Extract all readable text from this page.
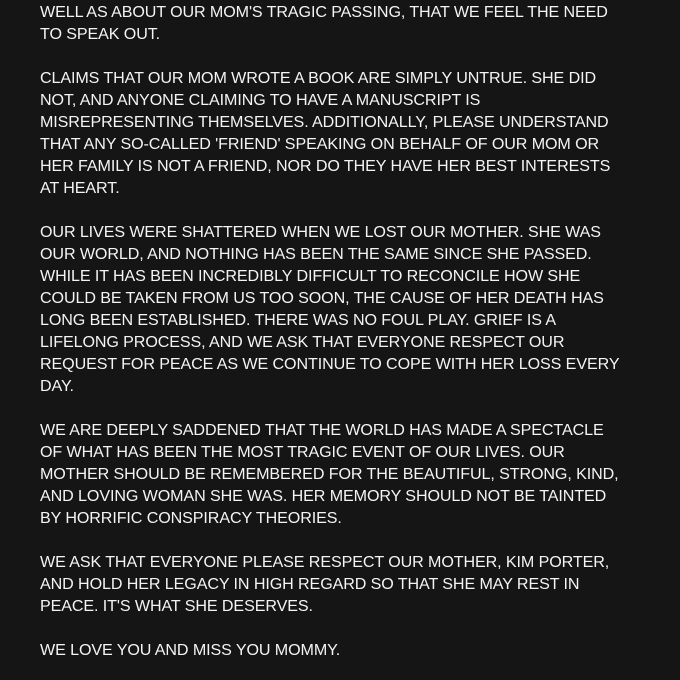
WELL AS ABOUT OUR MOM'S TRAGIC PASSING, THAT WE FEEL THE NEED
TO SPEAK OUT.
CLAIMS THAT OUR MOM WROTE A BOOK ARE SIMPLY UNTRUE. SHE DID
NOT, AND ANYONE CLAIMING TO HAVE A MANUSCRIPT IS
MISREPRESENTING THEMSELVES. ADDITIONALLY, PLEASE UNDERSTAND
THAT ANY SO-CALLED 'FRIEND' SPEAKING ON BEHALF OF OUR MOM OR
HER FAMILY IS NOT A FRIEND, NOR DO THEY HAVE HER BEST INTERESTS
AT HEART.
OUR LIVES WERE SHATTERED WHEN WE LOST OUR MOTHER. SHE WAS
OUR WORLD, AND NOTHING HAS BEEN THE SAME SINCE SHE PASSED.
WHILE IT HAS BEEN INCREDIBLY DIFFICULT TO RECONCILE HOW SHE
COULD BE TAKEN FROM US TOO SOON, THE CAUSE OF HER DEATH HAS
LONG BEEN ESTABLISHED. THERE WAS NO FOUL PLAY. GRIEF IS A
LIFELONG PROCESS, AND WE ASK THAT EVERYONE RESPECT OUR
REQUEST FOR PEACE AS WE CONTINUE TO COPE WITH HER LOSS EVERY
DAY.
WE ARE DEEPLY SADDENED THAT THE WORLD HAS MADE A SPECTACLE
OF WHAT HAS BEEN THE MOST TRAGIC EVENT OF OUR LIVES. OUR
MOTHER SHOULD BE REMEMBERED FOR THE BEAUTIFUL, STRONG, KIND,
AND LOVING WOMAN SHE WAS. HER MEMORY SHOULD NOT BE TAINTED
BY HORRIFIC CONSPIRACY THEORIES.
WE ASK THAT EVERYONE PLEASE RESPECT OUR MOTHER, KIM PORTER,
AND HOLD HER LEGACY IN HIGH REGARD SO THAT SHE MAY REST IN
PEACE. IT'S WHAT SHE DESERVES.
WE LOVE YOU AND MISS YOU MOMMY.
